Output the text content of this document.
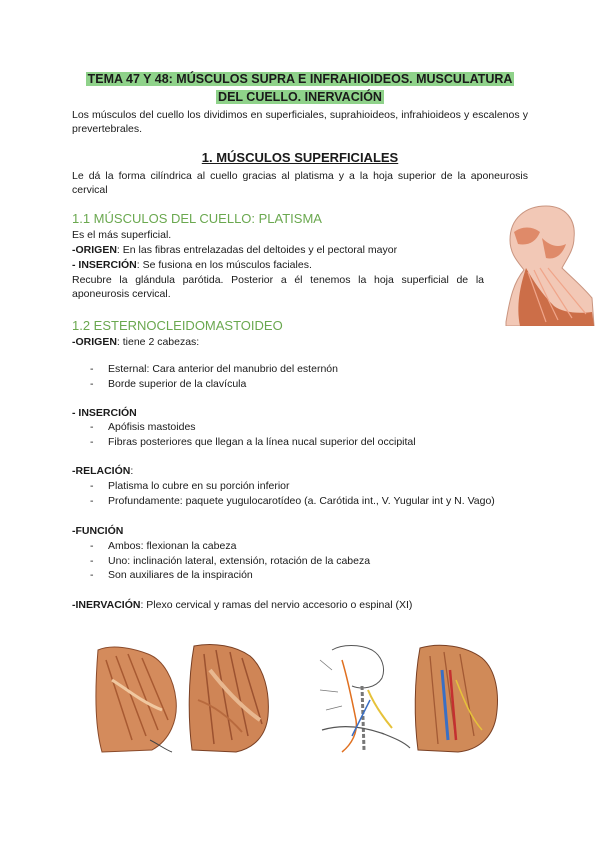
TEMA 47 Y 48: MÚSCULOS SUPRA E INFRAHIOIDEOS. MUSCULATURA
DEL CUELLO. INERVACIÓN
Los músculos del cuello los dividimos en superficiales, suprahioideos, infrahioideos y escalenos y prevertebrales.
1. MÚSCULOS SUPERFICIALES
Le dá la forma cilíndrica al cuello gracias al platisma y a la hoja superior de la aponeurosis cervical
1.1 MÚSCULOS DEL CUELLO: PLATISMA
Es el más superficial.
-ORIGEN: En las fibras entrelazadas del deltoides y el pectoral mayor
- INSERCIÓN: Se fusiona en los músculos faciales.
Recubre la glándula parótida. Posterior a él tenemos la hoja superficial de la aponeurosis cervical.
1.2 ESTERNOCLEIDOMASTOIDEO
-ORIGEN: tiene 2 cabezas:
- Esternal: Cara anterior del manubrio del esternón
- Borde superior de la clavícula
- INSERCIÓN
- Apófisis mastoides
- Fibras posteriores que llegan a la línea nucal superior del occipital
-RELACIÓN:
- Platisma lo cubre en su porción inferior
- Profundamente: paquete yugulocarotídeo (a. Carótida int., V. Yugular int y N. Vago)
-FUNCIÓN
- Ambos: flexionan la cabeza
- Uno: inclinación lateral, extensión, rotación de la cabeza
- Son auxiliares de la inspiración
-INERVACIÓN: Plexo cervical y ramas del nervio accesorio o espinal (XI)
